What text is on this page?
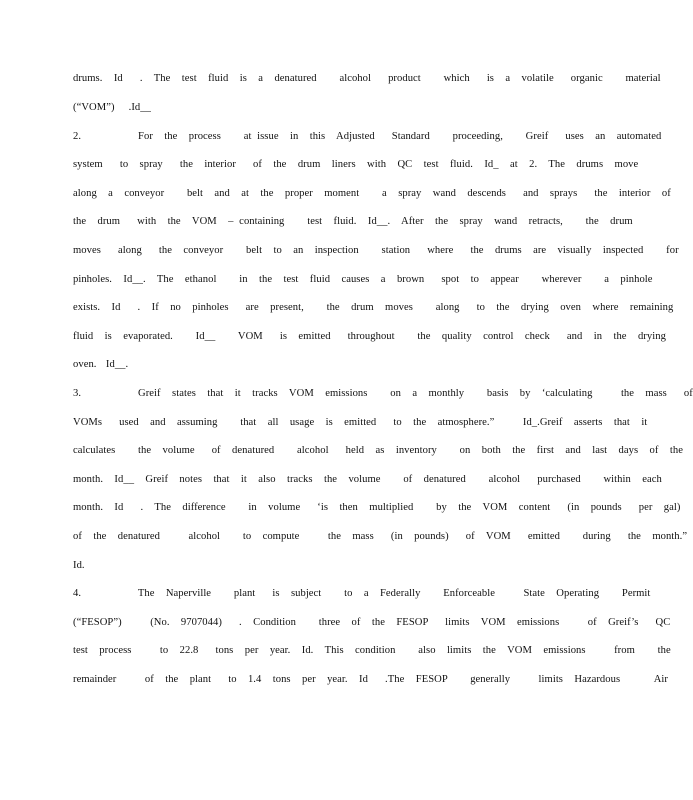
drums.  Id   .  The  test  fluid  is  a  denatured    alcohol   product    which   is  a  volatile   organic    material
(“VOM”)   .Id__
2.          For  the  process    at issue  in  this  Adjusted   Standard    proceeding,    Greif   uses  an  automated
system   to  spray   the  interior   of  the  drum  liners  with  QC  test  fluid.  Id_  at  2.  The  drums  move
along  a  conveyor    belt  and  at  the  proper  moment    a  spray  wand  descends   and  sprays   the  interior  of
the  drum   with  the  VOM  – containing    test  fluid.  Id__.  After  the  spray  wand  retracts,    the  drum
moves   along   the  conveyor    belt  to  an  inspection    station   where   the  drums  are  visually  inspected    for
pinholes.  Id__.  The  ethanol    in  the  test  fluid  causes  a  brown   spot  to  appear    wherever    a  pinhole
exists.  Id   .  If  no  pinholes   are  present,    the  drum  moves    along   to  the  drying  oven  where  remaining
fluid  is  evaporated.    Id__    VOM   is  emitted   throughout    the  quality  control  check   and  in  the  drying
oven.  Id__.
3.          Greif  states  that  it  tracks  VOM  emissions    on  a  monthly    basis  by  ‘calculating     the  mass   of
VOMs   used  and  assuming    that  all  usage  is  emitted   to  the  atmosphere.”     Id_.Greif  asserts  that  it
calculates    the  volume   of  denatured    alcohol   held  as  inventory    on  both  the  first  and  last  days  of  the
month.  Id__  Greif  notes  that  it  also  tracks  the  volume    of  denatured    alcohol   purchased    within  each
month.  Id   .  The  difference    in  volume   ‘is  then  multiplied    by  the  VOM  content   (in  pounds   per  gal)
of  the  denatured     alcohol    to  compute     the  mass   (in  pounds)   of  VOM   emitted    during   the  month.”
Id.
4.          The  Naperville    plant   is  subject    to  a  Federally    Enforceable     State  Operating    Permit
(“FESOP”)     (No.  9707044)   .  Condition    three  of  the  FESOP   limits  VOM  emissions     of  Greif’s   QC
test  process     to  22.8   tons  per  year.  Id.  This  condition    also  limits  the  VOM  emissions     from    the
remainder     of  the  plant   to  1.4  tons  per  year.  Id   .The  FESOP    generally     limits  Hazardous      Air
